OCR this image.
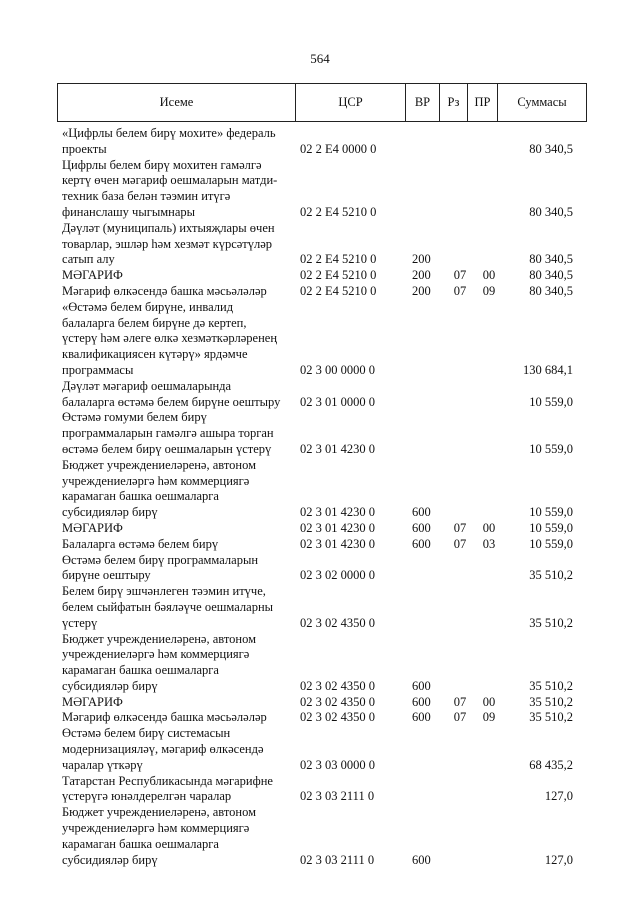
564
Исеме	ЦСР	ВР	Рз	ПР	Суммасы
«Цифрлы белем бирү мохите» федераль
проекты	02 2 E4 0000 0	80 340,5
Цифрлы белем бирү мохитен гамәлгә
кертү өчен мәгариф оешмаларын матди-
техник база белән тәэмин итүгә
финанслашу чыгымнары	02 2 E4 5210 0	80 340,5
Дәүләт (муниципаль) ихтыяҗлары өчен
товарлар, эшләр һәм хезмәт күрсәтүләр
сатып алу	02 2 E4 5210 0	200	80 340,5
МӘГАРИФ	02 2 E4 5210 0	200	07	00	80 340,5
Мәгариф өлкәсендә башка мәсьәләләр	02 2 E4 5210 0	200	07	09	80 340,5
«Өстәмә белем бирүне, инвалид
балаларга белем бирүне дә кертеп,
үстерү һәм әлеге өлкә хезмәткәрләренең
квалификациясен күтәрү» ярдәмче
программасы	02 3 00 0000 0	130 684,1
Дәүләт мәгариф оешмаларында
балаларга өстәмә белем бирүне оештыру	02 3 01 0000 0	10 559,0
Өстәмә гомуми белем бирү
программаларын гамәлгә ашыра торган
өстәмә белем бирү оешмаларын үстерү	02 3 01 4230 0	10 559,0
Бюджет учреждениеләренә, автоном
учреждениеләргә һәм коммерциягә
карамаган башка оешмаларга
субсидияләр бирү	02 3 01 4230 0	600	10 559,0
МӘГАРИФ	02 3 01 4230 0	600	07	00	10 559,0
Балаларга өстәмә белем бирү	02 3 01 4230 0	600	07	03	10 559,0
Өстәмә белем бирү программаларын
бирүне оештыру	02 3 02 0000 0	35 510,2
Белем бирү эшчәнлеген тәэмин итүче,
белем сыйфатын бәяләүче оешмаларны
үстерү	02 3 02 4350 0	35 510,2
Бюджет учреждениеләренә, автоном
учреждениеләргә һәм коммерциягә
карамаган башка оешмаларга
субсидияләр бирү	02 3 02 4350 0	600	35 510,2
МӘГАРИФ	02 3 02 4350 0	600	07	00	35 510,2
Мәгариф өлкәсендә башка мәсьәләләр	02 3 02 4350 0	600	07	09	35 510,2
Өстәмә белем бирү системасын
модернизацияләү, мәгариф өлкәсендә
чаралар үткәрү	02 3 03 0000 0	68 435,2
Татарстан Республикасында мәгарифне
үстерүгә юнәлдерелгән чаралар	02 3 03 2111 0	127,0
Бюджет учреждениеләренә, автоном
учреждениеләргә һәм коммерциягә
карамаган башка оешмаларга
субсидияләр бирү	02 3 03 2111 0	600	127,0
